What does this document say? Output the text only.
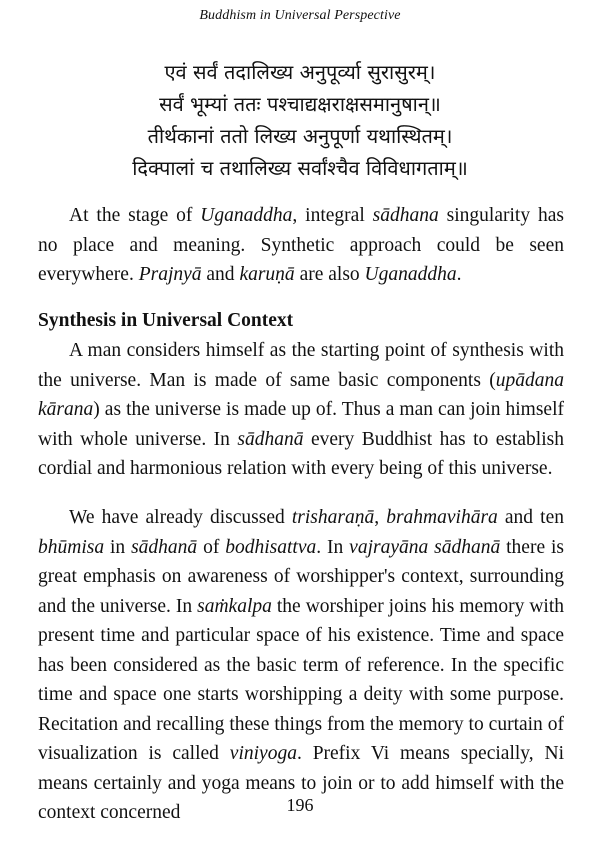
Buddhism in Universal Perspective
एवं सर्वं तदालिख्य अनुपूर्व्या सुरासुरम्।
सर्वं भूम्यां ततः पश्चाद्यक्षराक्षसमानुषान्॥
तीर्थकानां ततो लिख्य अनुपूर्णा यथास्थितम्।
दिक्पालां च तथालिख्य सर्वांश्चैव विविधागताम्॥

At the stage of Uganaddha, integral sādhana singularity has no place and meaning. Synthetic approach could be seen everywhere. Prajnyā and karuṇā are also Uganaddha.

Synthesis in Universal Context

A man considers himself as the starting point of synthesis with the universe. Man is made of same basic components (upādana kārana) as the universe is made up of. Thus a man can join himself with whole universe. In sādhanā every Buddhist has to establish cordial and harmonious relation with every being of this universe.

We have already discussed trisharaṇā, brahmavihāra and ten bhūmisa in sādhanā of bodhisattva. In vajrayāna sādhanā there is great emphasis on awareness of worshipper's context, surrounding and the universe. In saṁkalpa the worshiper joins his memory with present time and particular space of his existence. Time and space has been considered as the basic term of reference. In the specific time and space one starts worshipping a deity with some purpose. Recitation and recalling these things from the memory to curtain of visualization is called viniyoga. Prefix Vi means specially, Ni means certainly and yoga means to join or to add himself with the context concerned	196
